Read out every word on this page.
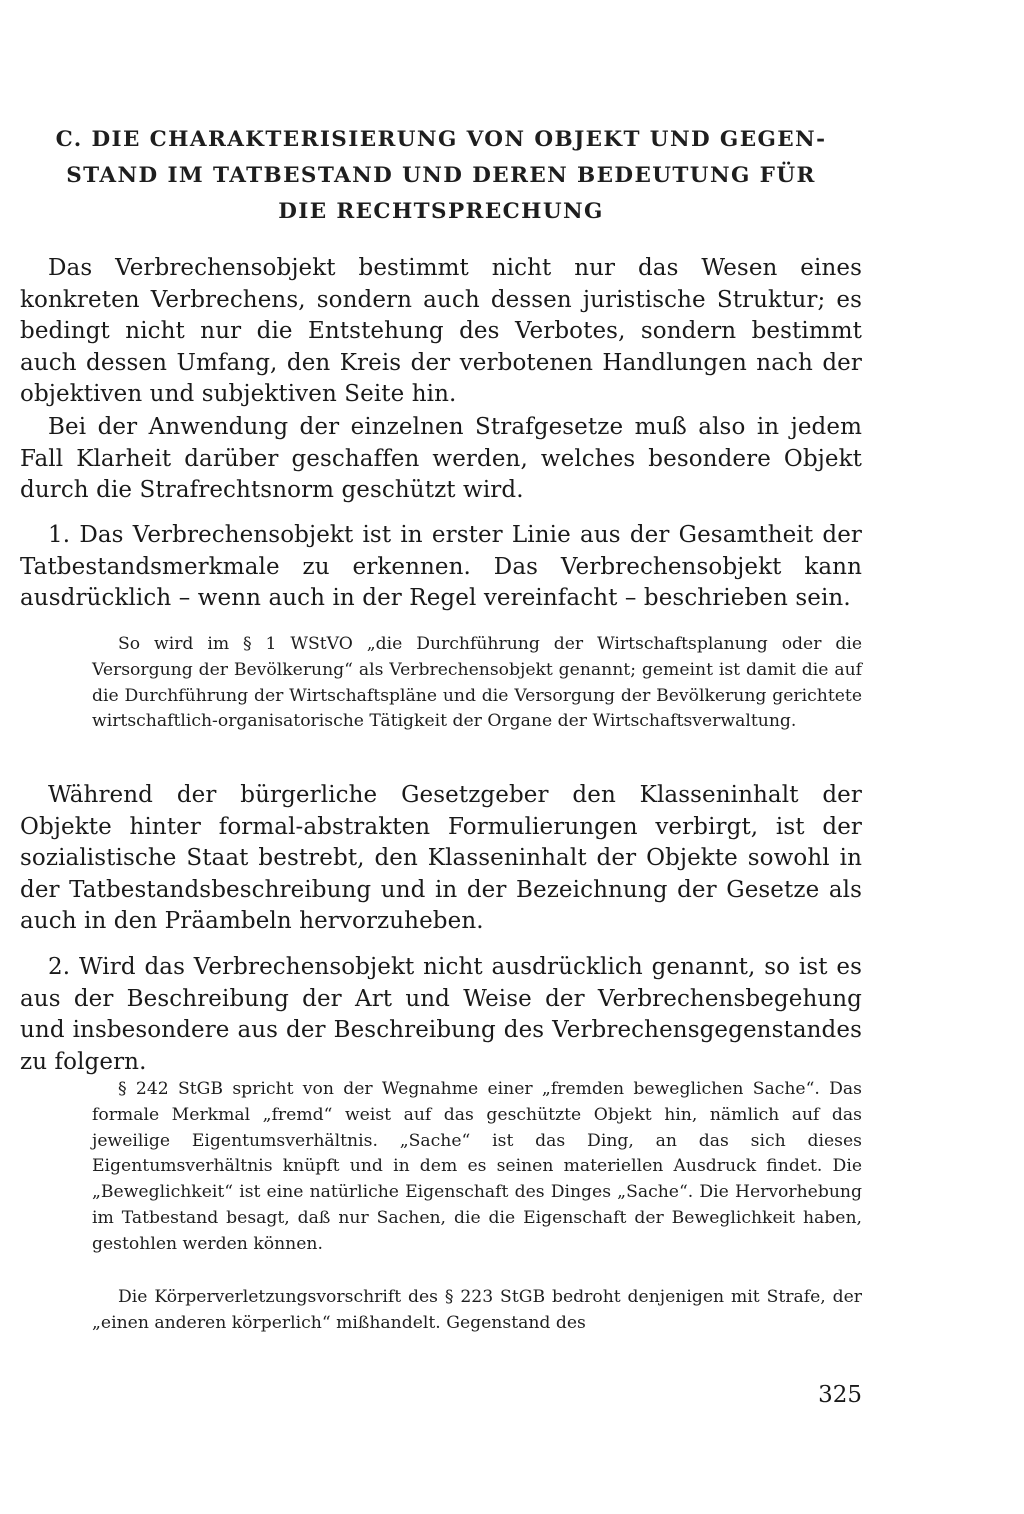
C. DIE CHARAKTERISIERUNG VON OBJEKT UND GEGEN-
STAND IM TATBESTAND UND DEREN BEDEUTUNG FÜR
DIE RECHTSPRECHUNG
Das Verbrechensobjekt bestimmt nicht nur das Wesen eines konkreten Verbrechens, sondern auch dessen juristische Struktur; es bedingt nicht nur die Entstehung des Verbotes, sondern bestimmt auch dessen Umfang, den Kreis der verbotenen Handlungen nach der objektiven und subjektiven Seite hin.
Bei der Anwendung der einzelnen Strafgesetze muß also in jedem Fall Klarheit darüber geschaffen werden, welches besondere Objekt durch die Strafrechtsnorm geschützt wird.
1. Das Verbrechensobjekt ist in erster Linie aus der Gesamtheit der Tatbestandsmerkmale zu erkennen. Das Verbrechensobjekt kann ausdrücklich – wenn auch in der Regel vereinfacht – beschrieben sein.
So wird im § 1 WStVO „die Durchführung der Wirtschaftsplanung oder die Versorgung der Bevölkerung“ als Verbrechensobjekt genannt; gemeint ist damit die auf die Durchführung der Wirtschaftspläne und die Versorgung der Bevölkerung gerichtete wirtschaftlich-organisatorische Tätigkeit der Organe der Wirtschaftsverwaltung.
Während der bürgerliche Gesetzgeber den Klasseninhalt der Objekte hinter formal-abstrakten Formulierungen verbirgt, ist der sozialistische Staat bestrebt, den Klasseninhalt der Objekte sowohl in der Tatbestandsbeschreibung und in der Bezeichnung der Gesetze als auch in den Präambeln hervorzuheben.
2. Wird das Verbrechensobjekt nicht ausdrücklich genannt, so ist es aus der Beschreibung der Art und Weise der Verbrechensbegehung und insbesondere aus der Beschreibung des Verbrechensgegenstandes zu folgern.
§ 242 StGB spricht von der Wegnahme einer „fremden beweglichen Sache“. Das formale Merkmal „fremd“ weist auf das geschützte Objekt hin, nämlich auf das jeweilige Eigentumsverhältnis. „Sache“ ist das Ding, an das sich dieses Eigentumsverhältnis knüpft und in dem es seinen materiellen Ausdruck findet. Die „Beweglichkeit“ ist eine natürliche Eigenschaft des Dinges „Sache“. Die Hervorhebung im Tatbestand besagt, daß nur Sachen, die die Eigenschaft der Beweglichkeit haben, gestohlen werden können.
Die Körperverletzungsvorschrift des § 223 StGB bedroht denjenigen mit Strafe, der „einen anderen körperlich“ mißhandelt. Gegenstand des
325
